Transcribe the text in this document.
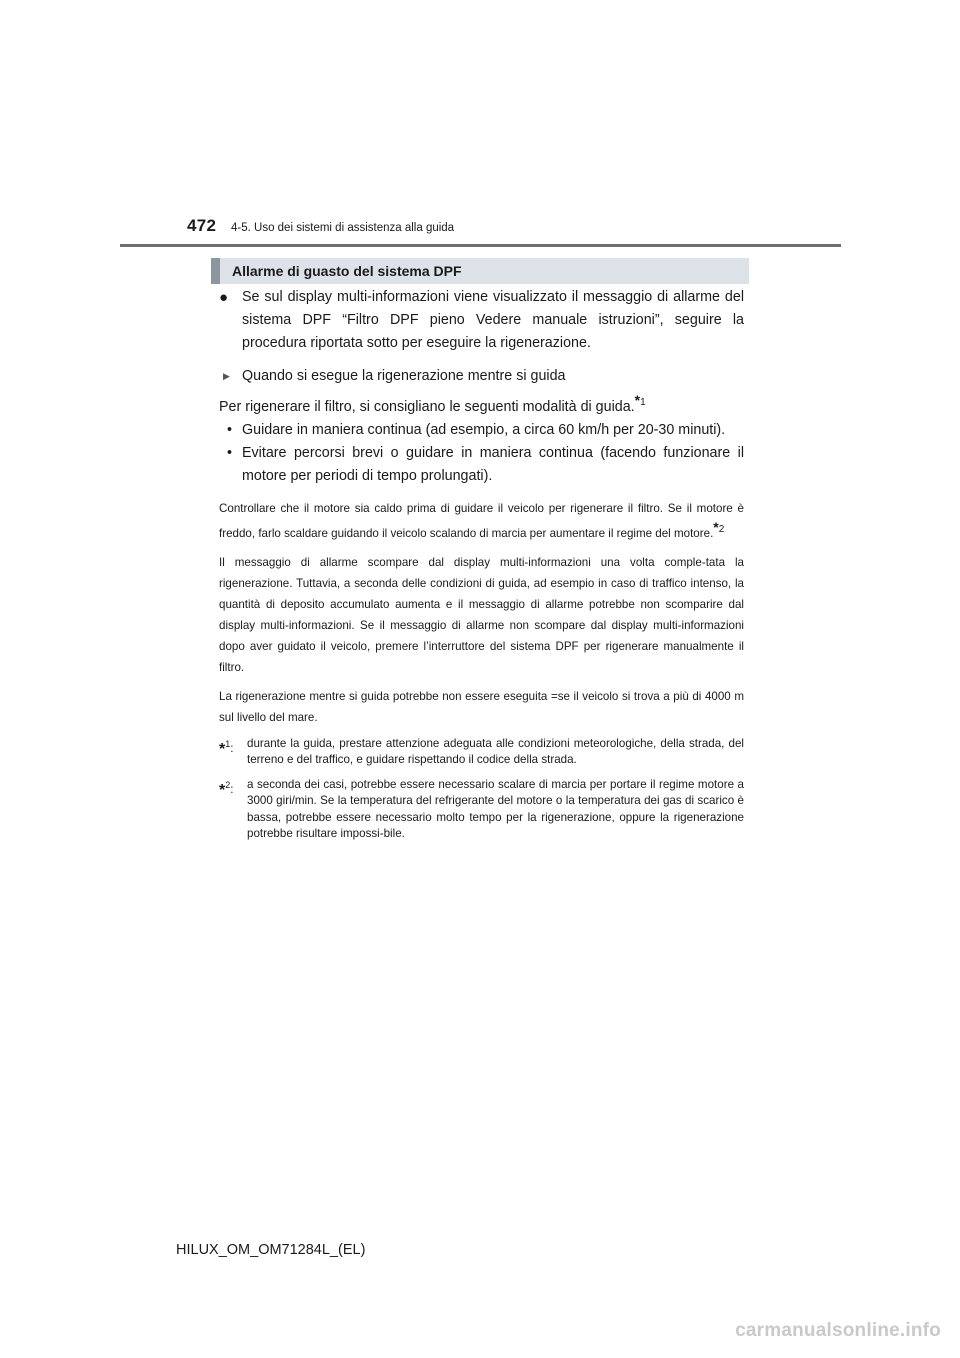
472 4-5. Uso dei sistemi di assistenza alla guida
Allarme di guasto del sistema DPF
● Se sul display multi-informazioni viene visualizzato il messaggio di allarme del sistema DPF “Filtro DPF pieno Vedere manuale istruzioni”, seguire la procedura riportata sotto per eseguire la rigenerazione.
▶ Quando si esegue la rigenerazione mentre si guida
Per rigenerare il filtro, si consigliano le seguenti modalità di guida.*$^1$
• Guidare in maniera continua (ad esempio, a circa 60 km/h per 20-30 minuti).
• Evitare percorsi brevi o guidare in maniera continua (facendo funzionare il motore per periodi di tempo prolungati).
Controllare che il motore sia caldo prima di guidare il veicolo per rigenerare il filtro. Se il motore è freddo, farlo scaldare guidando il veicolo scalando di marcia per aumentare il regime del motore.*$^2$
Il messaggio di allarme scompare dal display multi-informazioni una volta comple-tata la rigenerazione. Tuttavia, a seconda delle condizioni di guida, ad esempio in caso di traffico intenso, la quantità di deposito accumulato aumenta e il messaggio di allarme potrebbe non scomparire dal display multi-informazioni. Se il messaggio di allarme non scompare dal display multi-informazioni dopo aver guidato il veicolo, premere l’interruttore del sistema DPF per rigenerare manualmente il filtro.
La rigenerazione mentre si guida potrebbe non essere eseguita =se il veicolo si trova a più di 4000 m sul livello del mare.
*$^1$: durante la guida, prestare attenzione adeguata alle condizioni meteorologiche, della strada, del terreno e del traffico, e guidare rispettando il codice della strada.
*$^2$: a seconda dei casi, potrebbe essere necessario scalare di marcia per portare il regime motore a 3000 giri/min. Se la temperatura del refrigerante del motore o la temperatura dei gas di scarico è bassa, potrebbe essere necessario molto tempo per la rigenerazione, oppure la rigenerazione potrebbe risultare impossi-bile.
HILUX_OM_OM71284L_(EL)
carmanualsonline.info
